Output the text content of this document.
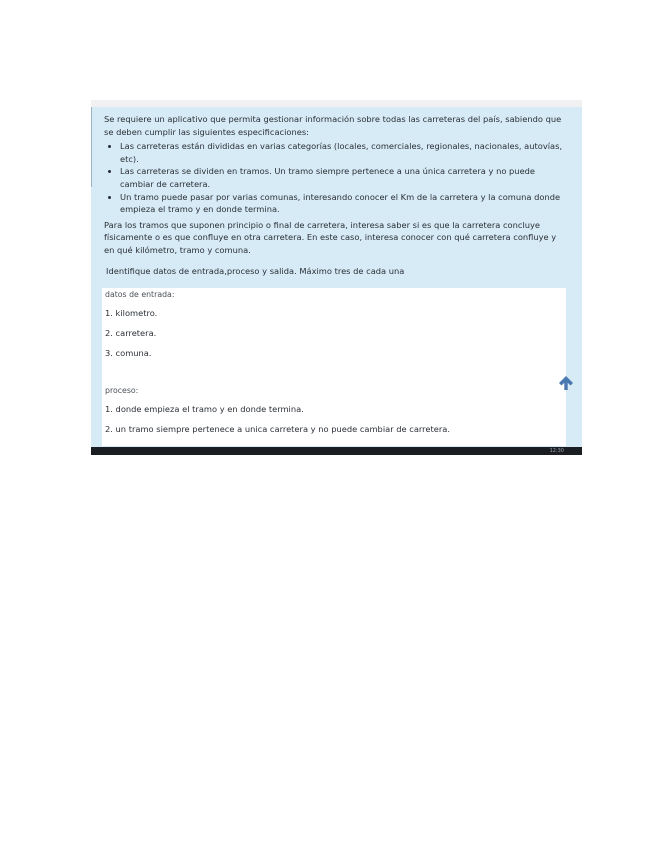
Se requiere un aplicativo que permita gestionar información sobre todas las carreteras del país, sabiendo que se deben cumplir las siguientes especificaciones:

• Las carreteras están divididas en varias categorías (locales, comerciales, regionales, nacionales, autovías, etc).
• Las carreteras se dividen en tramos. Un tramo siempre pertenece a una única carretera y no puede cambiar de carretera.
• Un tramo puede pasar por varias comunas, interesando conocer el Km de la carretera y la comuna donde empieza el tramo y en donde termina.

Para los tramos que suponen principio o final de carretera, interesa saber si es que la carretera concluye físicamente o es que confluye en otra carretera. En este caso, interesa conocer con qué carretera confluye y en qué kilómetro, tramo y comuna.

Identifique datos de entrada,proceso y salida. Máximo tres de cada una

datos de entrada:
1. kilometro.
2. carretera.
3. comuna.
proceso:
1. donde empieza el tramo y en donde termina.
2. un tramo siempre pertenece a unica carretera y no puede cambiar de carretera.
12:30
